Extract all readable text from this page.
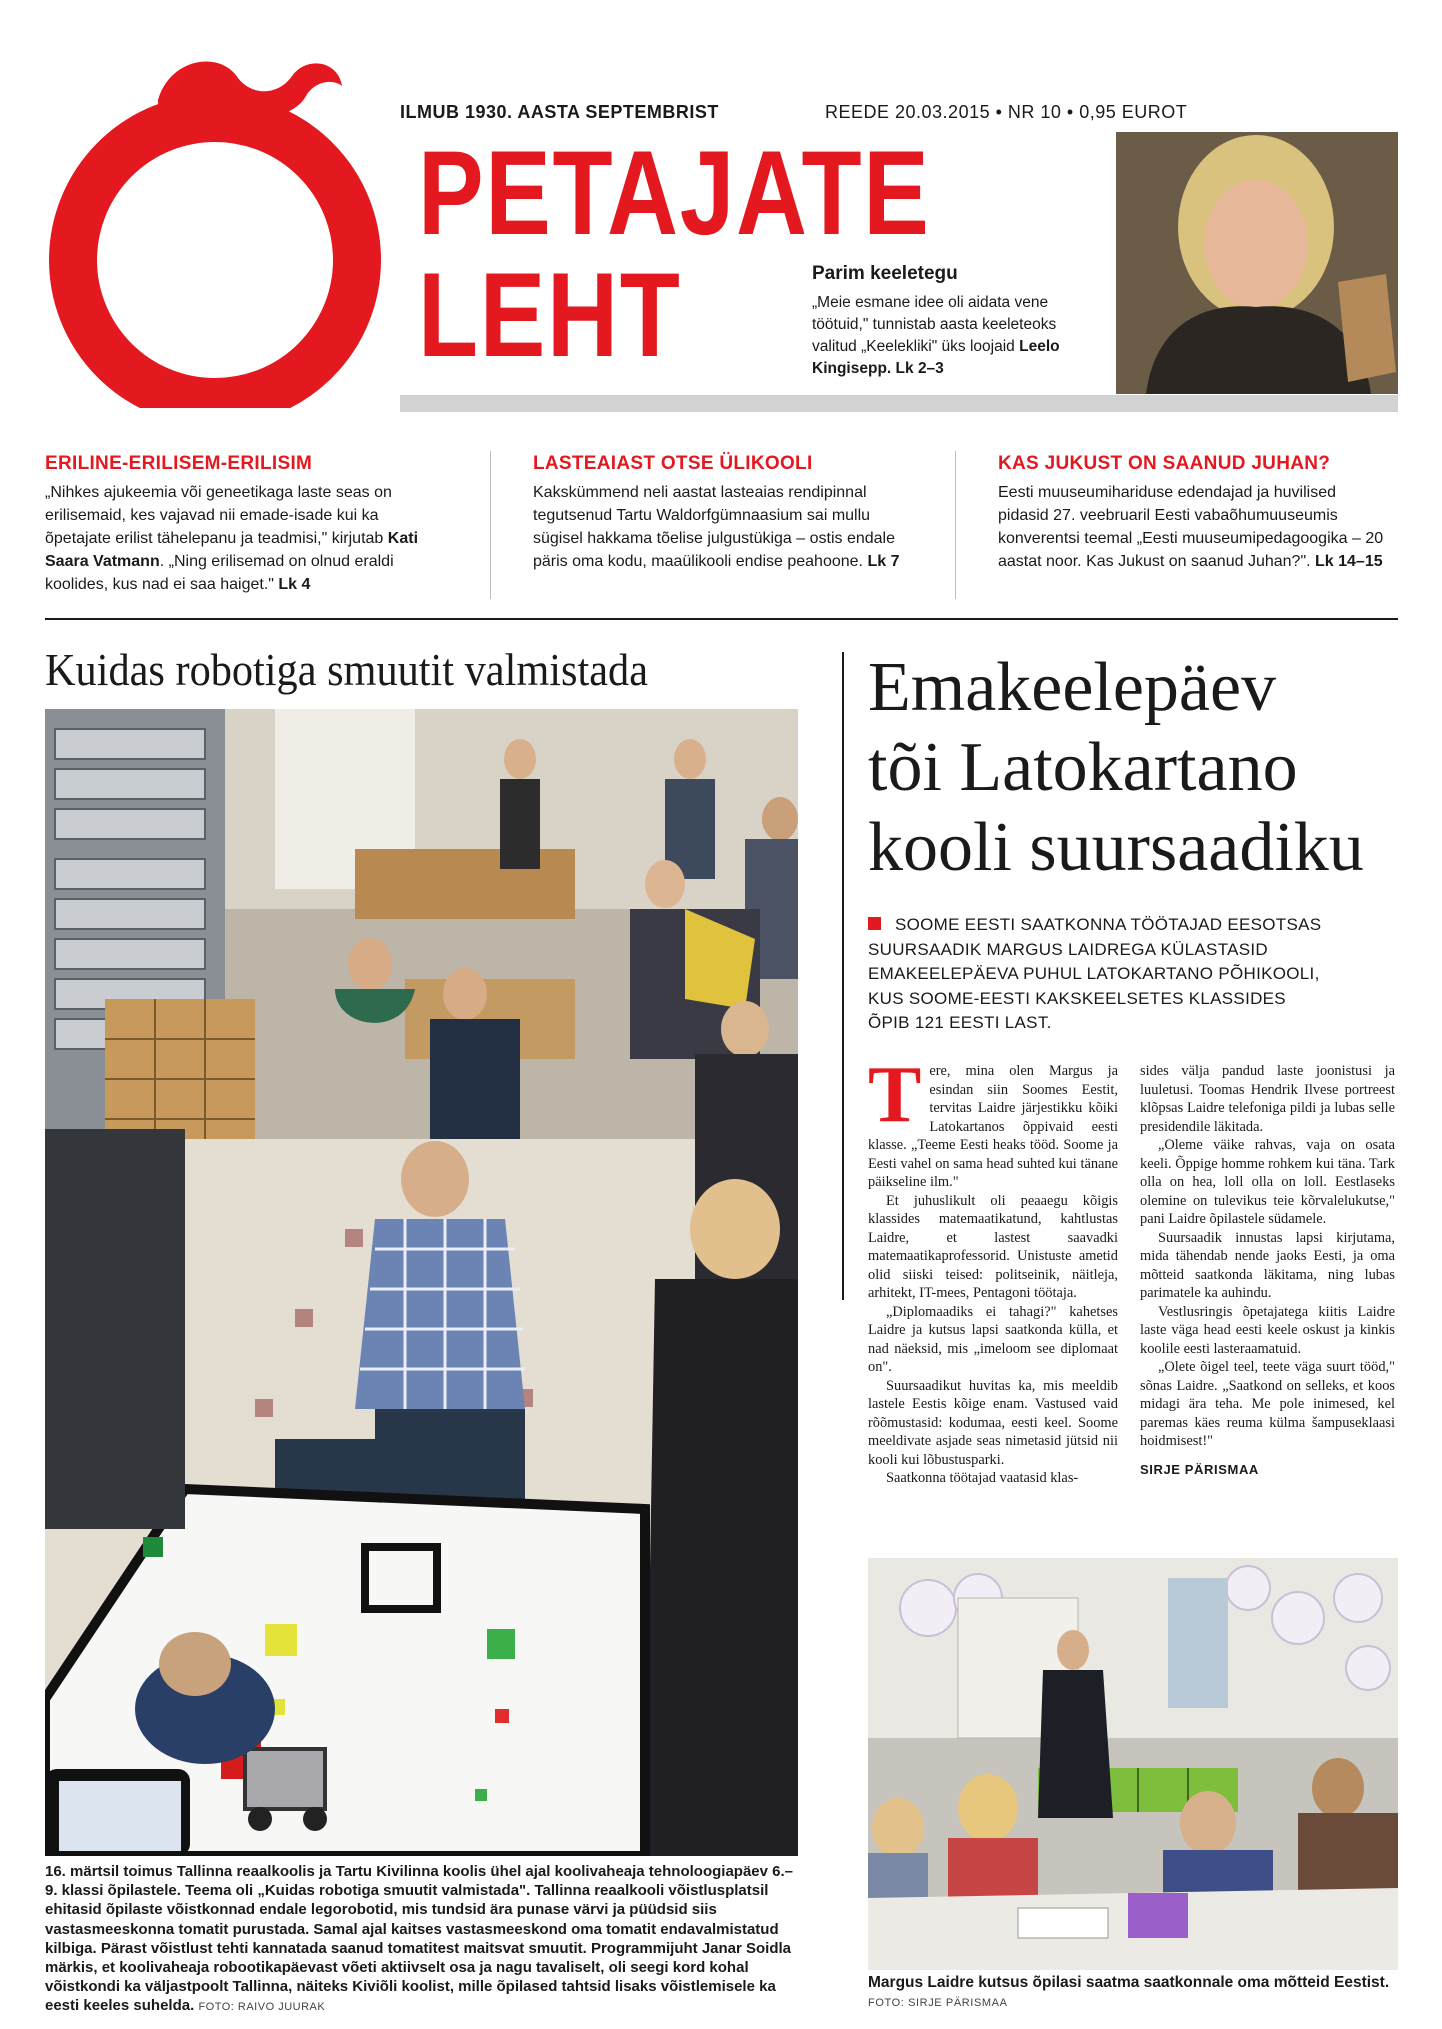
ILMUB 1930. AASTA SEPTEMBRIST	REEDE 20.03.2015 • NR 10 • 0,95 EUROT
PETAJATE
LEHT	Parim keeletegu
„Meie esmane idee oli aidata vene töötuid," tunnistab aasta keeleteoks valitud „Keelekliki" üks loojaid Leelo Kingisepp. Lk 2–3
ERILINE-ERILISEM-ERILISIM

„Nihkes ajukeemia või geneetikaga laste seas on erilisemaid, kes vajavad nii emade-isade kui ka õpetajate erilist tähelepanu ja teadmisi," kirjutab Kati Saara Vatmann. „Ning erilisemad on olnud eraldi koolides, kus nad ei saa haiget." Lk 4

LASTEAIAST OTSE ÜLIKOOLI

Kakskümmend neli aastat lasteaias rendipinnal tegutsenud Tartu Waldorfgümnaasium sai mullu sügisel hakkama tõelise julgustükiga – ostis endale päris oma kodu, maaülikooli endise peahoone. Lk 7

KAS JUKUST ON SAANUD JUHAN?

Eesti muuseumihariduse edendajad ja huvilised pidasid 27. veebruaril Eesti vabaõhumuuseumis konverentsi teemal „Eesti muuseumipedagoogika – 20 aastat noor. Kas Jukust on saanud Juhan?". Lk 14–15

Kuidas robotiga smuutit valmistada
16. märtsil toimus Tallinna reaalkoolis ja Tartu Kivilinna koolis ühel ajal koolivaheaja tehnoloogiapäev 6.–9. klassi õpilastele. Teema oli „Kuidas robotiga smuutit valmistada". Tallinna reaalkooli võistlusplatsil ehitasid õpilaste võistkonnad endale legorobotid, mis tundsid ära punase värvi ja püüdsid siis vastasmeeskonna tomatit purustada. Samal ajal kaitses vastasmeeskond oma tomatit endavalmistatud kilbiga. Pärast võistlust tehti kannatada saanud tomatitest maitsvat smuutit. Programmijuht Janar Soidla märkis, et koolivaheaja robootikapäevast võeti aktiivselt osa ja nagu tavaliselt, oli seegi kord kohal võistkondi ka väljastpoolt Tallinna, näiteks Kiviõli koolist, mille õpilased tahtsid lisaks võistlemisele ka eesti keeles suhelda. FOTO: RAIVO JUURAK
Emakeelepäev
tõi Latokartano
kooli suursaadiku
SOOME EESTI SAATKONNA TÖÖTAJAD EESOTSAS SUURSAADIK MARGUS LAIDREGA KÜLASTASID EMAKEELEPÄEVA PUHUL LATOKARTANO PÕHIKOOLI, KUS SOOME-EESTI KAKSKEELSETES KLASSIDES ÕPIB 121 EESTI LAST.

Tere, mina olen Margus ja esindan siin Soomes Eestit, tervitas Laidre järjestikku kõiki Latokartanos õppivaid eesti klasse. „Teeme Eesti heaks tööd. Soome ja Eesti vahel on sama head suhted kui tänane päikseline ilm."

Et juhuslikult oli peaaegu kõigis klassides matemaatikatund, kahtlustas Laidre, et lastest saavadki matemaatikaprofessorid. Unistuste ametid olid siiski teised: politseinik, näitleja, arhitekt, IT-mees, Pentagoni töötaja.

„Diplomaadiks ei tahagi?" kahetses Laidre ja kutsus lapsi saatkonda külla, et nad näeksid, mis „imeloom see diplomaat on".

Suursaadikut huvitas ka, mis meeldib lastele Eestis kõige enam. Vastused vaid rõõmustasid: kodumaa, eesti keel. Soome meeldivate asjade seas nimetasid jütsid nii kooli kui lõbustusparki.

Saatkonna töötajad vaatasid klas-

sides välja pandud laste joonistusi ja luuletusi. Toomas Hendrik Ilvese portreest klõpsas Laidre telefoniga pildi ja lubas selle presidendile läkitada.

„Oleme väike rahvas, vaja on osata keeli. Õppige homme rohkem kui täna. Tark olla on hea, loll olla on loll. Eestlaseks olemine on tulevikus teie kõrvalelukutse," pani Laidre õpilastele südamele.

Suursaadik innustas lapsi kirjutama, mida tähendab nende jaoks Eesti, ja oma mõtteid saatkonda läkitama, ning lubas parimatele ka auhindu.

Vestlusringis õpetajatega kiitis Laidre laste väga head eesti keele oskust ja kinkis koolile eesti lasteraamatuid.

„Olete õigel teel, teete väga suurt tööd," sõnas Laidre. „Saatkond on selleks, et koos midagi ära teha. Me pole inimesed, kel paremas käes reuma külma šampuseklaasi hoidmisest!"

SIRJE PÄRISMAA
Margus Laidre kutsus õpilasi saatma saatkonnale oma mõtteid Eestist.
FOTO: SIRJE PÄRISMAA
